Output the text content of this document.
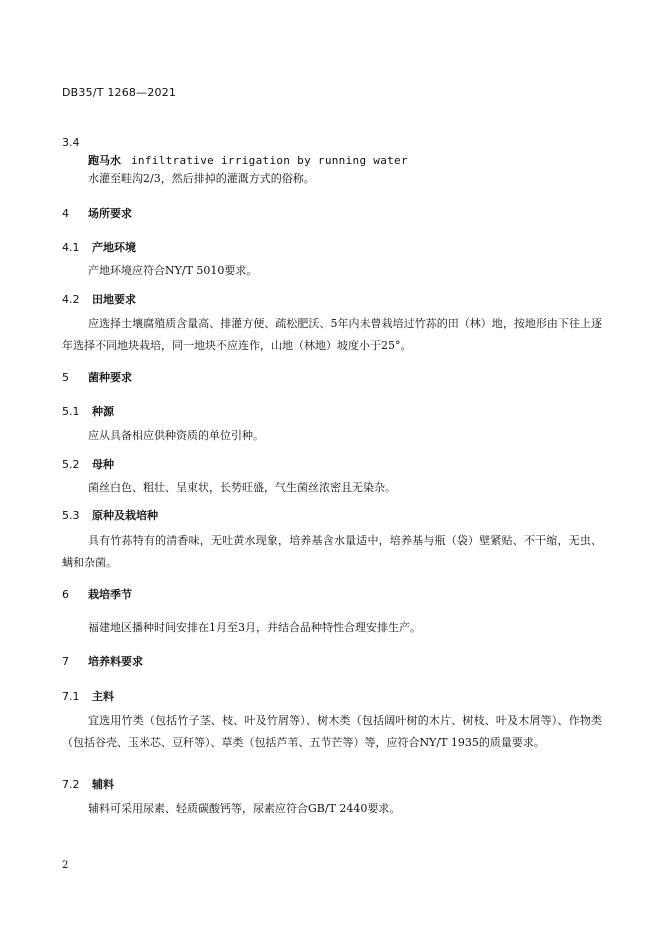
DB35/T 1268—2021
3.4
跑马水 infiltrative irrigation by running water
水灌至畦沟2/3，然后排掉的灌溉方式的俗称。
4 场所要求
4.1 产地环境
产地环境应符合NY/T 5010要求。
4.2 田地要求
应选择土壤腐殖质含量高、排灌方便、疏松肥沃、5年内未曾栽培过竹荪的田（林）地，按地形由下往上逐年选择不同地块栽培，同一地块不应连作，山地（林地）坡度小于25°。
5 菌种要求
5.1 种源
应从具备相应供种资质的单位引种。
5.2 母种
菌丝白色、粗壮、呈束状，长势旺盛，气生菌丝浓密且无染杂。
5.3 原种及栽培种
具有竹荪特有的清香味，无吐黄水现象，培养基含水量适中，培养基与瓶（袋）壁紧贴、不干缩，无虫、螨和杂菌。
6 栽培季节
福建地区播种时间安排在1月至3月，并结合品种特性合理安排生产。
7 培养料要求
7.1 主料
宜选用竹类（包括竹子茎、枝、叶及竹屑等）、树木类（包括阔叶树的木片、树枝、叶及木屑等）、作物类（包括谷壳、玉米芯、豆秆等）、草类（包括芦苇、五节芒等）等，应符合NY/T 1935的质量要求。
7.2 辅料
辅料可采用尿素、轻质碳酸钙等，尿素应符合GB/T 2440要求。
2
